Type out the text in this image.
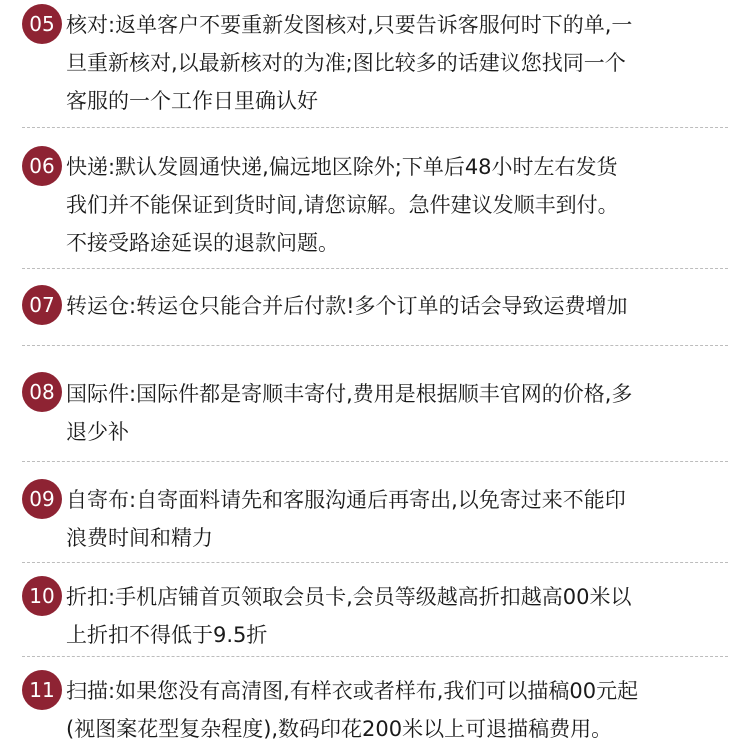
05 核对:返单客户不要重新发图核对,只要告诉客服何时下的单,一
旦重新核对,以最新核对的为准;图比较多的话建议您找同一个
客服的一个工作日里确认好
06 快递:默认发圆通快递,偏远地区除外;下单后48小时左右发货
我们并不能保证到货时间,请您谅解。急件建议发顺丰到付。
不接受路途延误的退款问题。
07 转运仓:转运仓只能合并后付款!多个订单的话会导致运费增加
08 国际件:国际件都是寄顺丰寄付,费用是根据顺丰官网的价格,多
退少补
09 自寄布:自寄面料请先和客服沟通后再寄出,以免寄过来不能印
浪费时间和精力
10 折扣:手机店铺首页领取会员卡,会员等级越高折扣越高00米以
上折扣不得低于9.5折
11 扫描:如果您没有高清图,有样衣或者样布,我们可以描稿00元起
(视图案花型复杂程度),数码印花200米以上可退描稿费用。
